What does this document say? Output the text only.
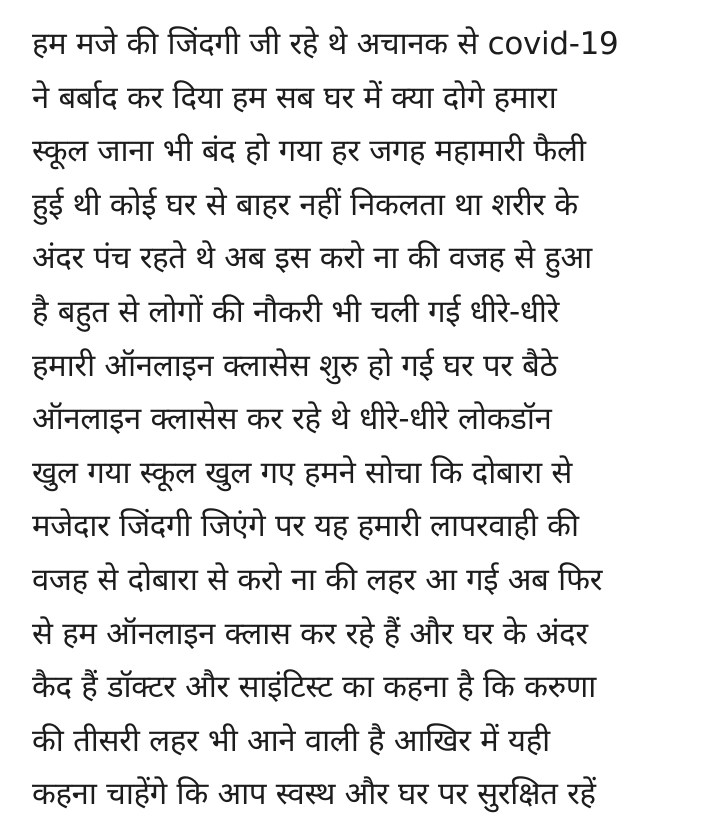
हम मजे की जिंदगी जी रहे थे अचानक से covid-19
ने बर्बाद कर दिया हम सब घर में क्या दोगे हमारा
स्कूल जाना भी बंद हो गया हर जगह महामारी फैली
हुई थी कोई घर से बाहर नहीं निकलता था शरीर के
अंदर पंच रहते थे अब इस करो ना की वजह से हुआ
है बहुत से लोगों की नौकरी भी चली गई धीरे-धीरे
हमारी ऑनलाइन क्लासेस शुरु हो गई घर पर बैठे
ऑनलाइन क्लासेस कर रहे थे धीरे-धीरे लोकडॉन
खुल गया स्कूल खुल गए हमने सोचा कि दोबारा से
मजेदार जिंदगी जिएंगे पर यह हमारी लापरवाही की
वजह से दोबारा से करो ना की लहर आ गई अब फिर
से हम ऑनलाइन क्लास कर रहे हैं और घर के अंदर
कैद हैं डॉक्टर और साइंटिस्ट का कहना है कि करुणा
की तीसरी लहर भी आने वाली है आखिर में यही
कहना चाहेंगे कि आप स्वस्थ और घर पर सुरक्षित रहें
